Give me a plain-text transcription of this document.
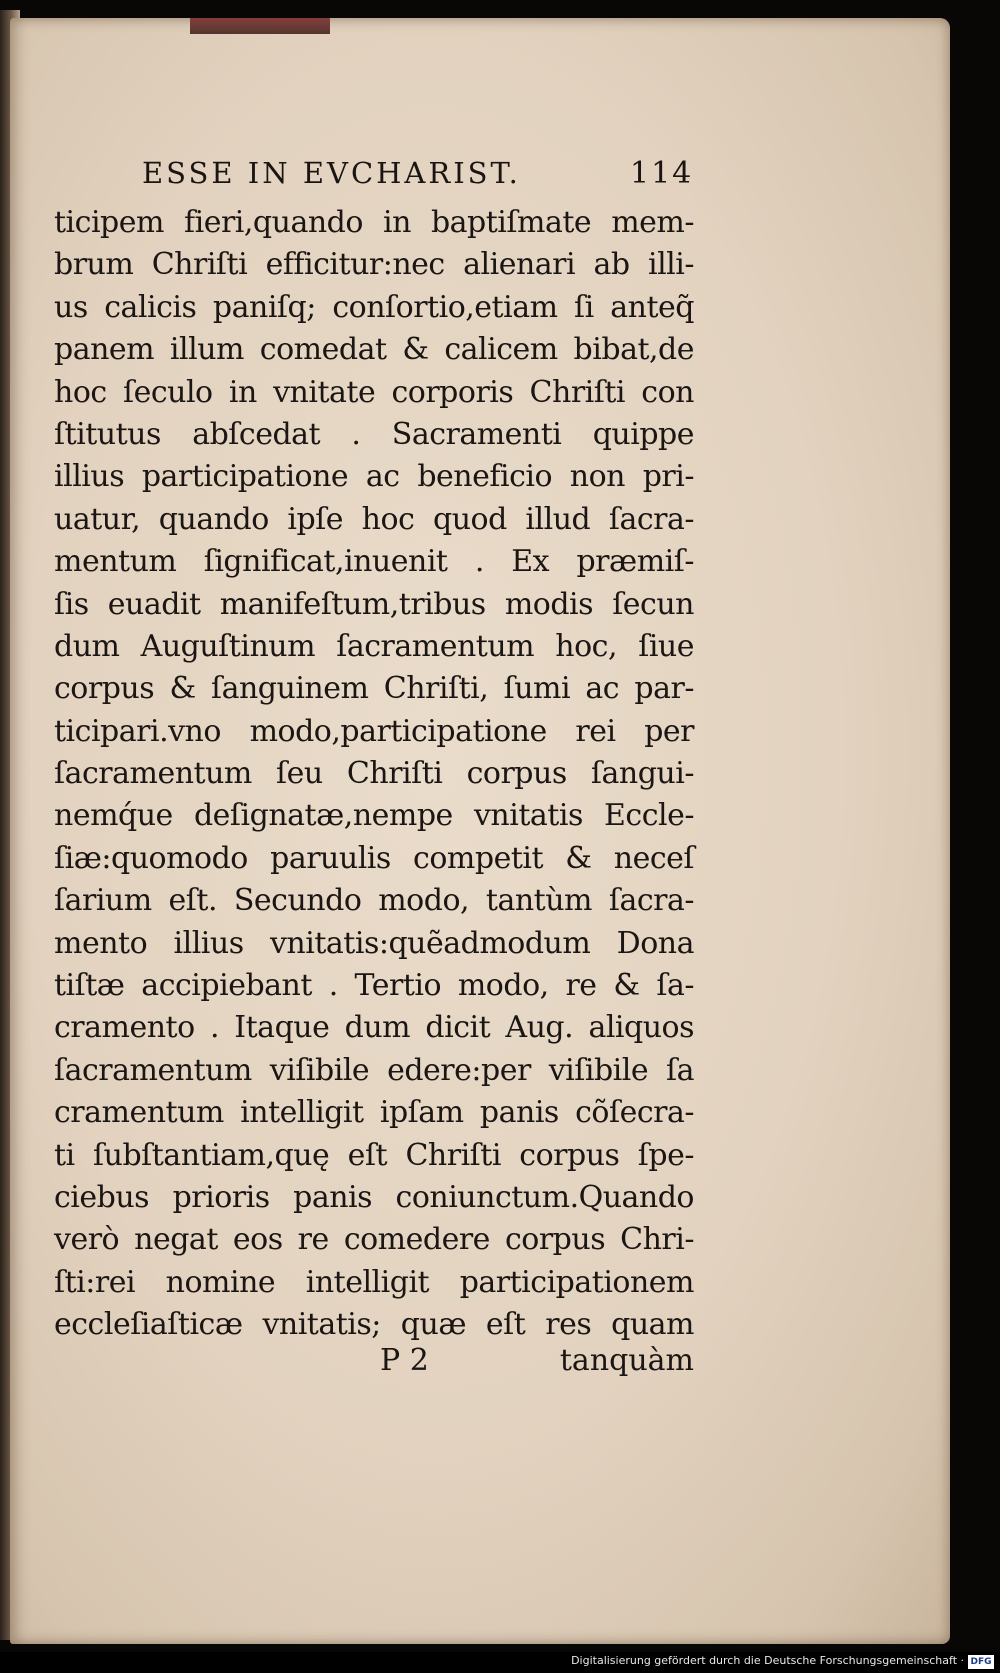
ESSE IN EVCHARIST.	114
ticipem fieri,quando in baptiſmate mem-
brum Chriſti efficitur:nec alienari ab illi-
us calicis paniſq; conſortio,etiam ſi anteq̃
panem illum comedat & calicem bibat,de
hoc ſeculo in vnitate corporis Chriſti con
ſtitutus abſcedat . Sacramenti quippe
illius participatione ac beneficio non pri-
uatur, quando ipſe hoc quod illud ſacra-
mentum ſignificat,inuenit . Ex præmiſ-
ſis euadit manifeſtum,tribus modis ſecun
dum Auguſtinum ſacramentum hoc, ſiue
corpus & ſanguinem Chriſti, ſumi ac par-
ticipari.vno modo,participatione rei per
ſacramentum ſeu Chriſti corpus ſangui-
nemq́ue deſignatæ,nempe vnitatis Eccle-
ſiæ:quomodo paruulis competit & neceſ
ſarium eſt. Secundo modo, tantùm ſacra-
mento illius vnitatis:quẽadmodum Dona
tiſtæ accipiebant . Tertio modo, re & ſa-
cramento . Itaque dum dicit Aug. aliquos
ſacramentum viſibile edere:per viſibile ſa
cramentum intelligit ipſam panis cõſecra-
ti ſubſtantiam,quę eſt Chriſti corpus ſpe-
ciebus prioris panis coniunctum.Quando
verò negat eos re comedere corpus Chri-
ſti:rei nomine intelligit participationem
eccleſiaſticæ vnitatis; quæ eſt res quam
P 2	tanquàm
Digitalisierung gefördert durch die Deutsche Forschungsgemeinschaft · DFG
